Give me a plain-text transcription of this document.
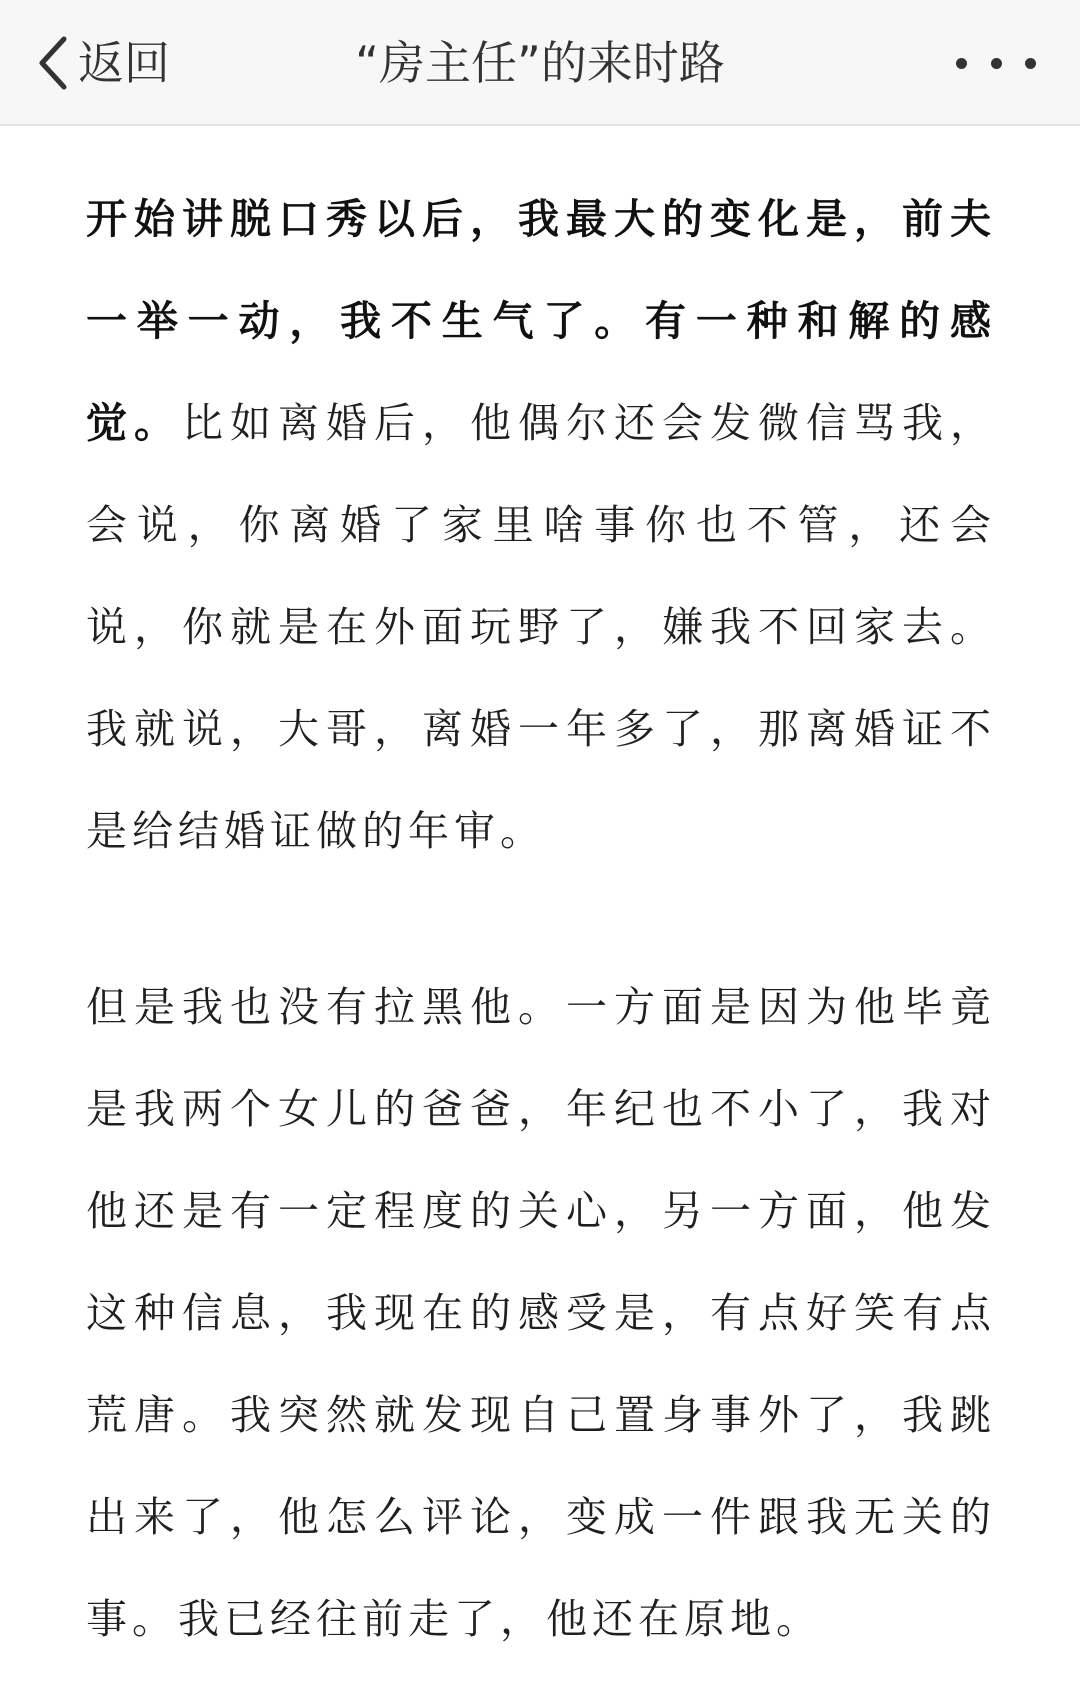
返回	“房主任”的来时路

开始讲脱口秀以后，我最大的变化是，前夫一举一动，我不生气了。有一种和解的感觉。比如离婚后，他偶尔还会发微信骂我，会说，你离婚了家里啥事你也不管，还会说，你就是在外面玩野了，嫌我不回家去。我就说，大哥，离婚一年多了，那离婚证不是给结婚证做的年审。

但是我也没有拉黑他。一方面是因为他毕竟是我两个女儿的爸爸，年纪也不小了，我对他还是有一定程度的关心，另一方面，他发这种信息，我现在的感受是，有点好笑有点荒唐。我突然就发现自己置身事外了，我跳出来了，他怎么评论，变成一件跟我无关的事。我已经往前走了，他还在原地。
